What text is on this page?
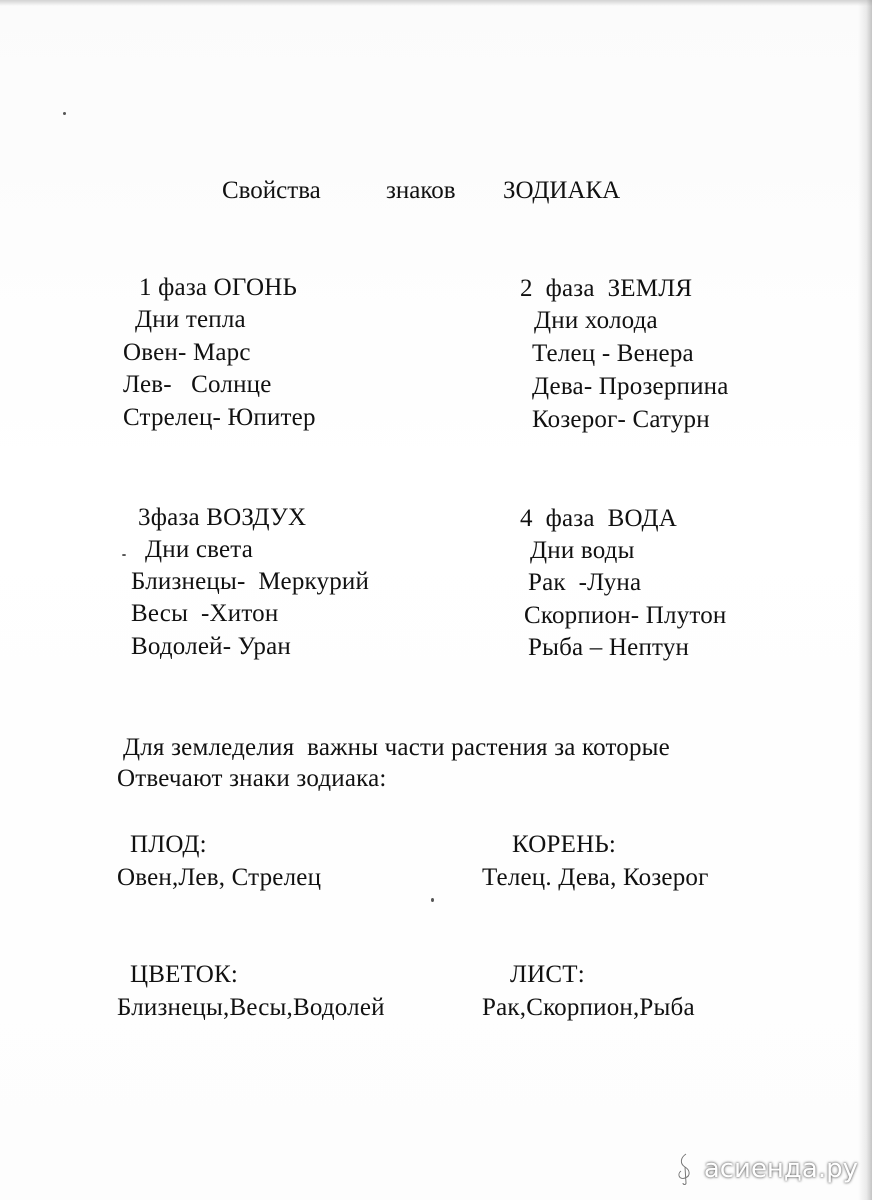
Свойства	знаков ЗОДИАКА
1 фаза ОГОНЬ
Дни тепла
Овен- Марс
Лев-   Солнце
Стрелец- Юпитер
2  фаза  ЗЕМЛЯ
Дни холода
Телец - Венера
Дева- Прозерпина
Козерог- Сатурн
3фаза ВОЗДУХ
Дни света
Близнецы-  Меркурий
Весы  -Хитон
Водолей- Уран
4  фаза  ВОДА
Дни воды
Рак  -Луна
Скорпион- Плутон
Рыба – Нептун
Для земледелия  важны части растения за которые
Отвечают знаки зодиака:
ПЛОД:
Овен,Лев, Стрелец
КОРЕНЬ:
Телец. Дева, Козерог
ЦВЕТОК:
Близнецы,Весы,Водолей
ЛИСТ:
Рак,Скорпион,Рыба
асиенда.ру
